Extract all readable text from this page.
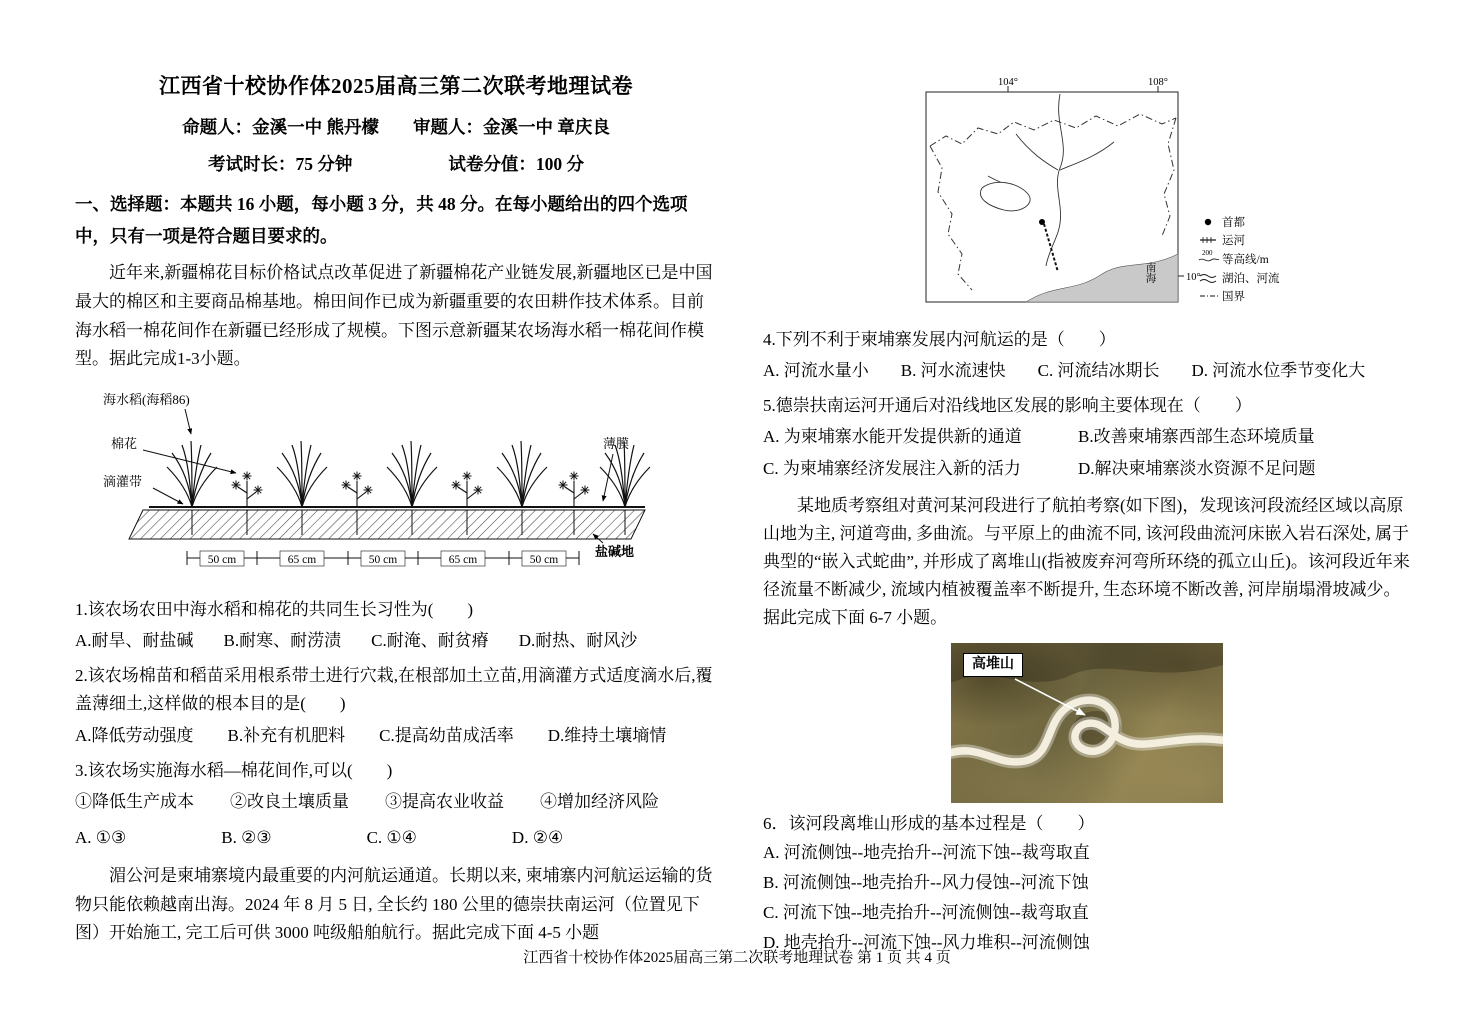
江西省十校协作体2025届高三第二次联考地理试卷
命题人：金溪一中 熊丹檬 审题人：金溪一中 章庆良
考试时长：75 分钟	试卷分值：100 分
一、选择题：本题共 16 小题，每小题 3 分，共 48 分。在每小题给出的四个选项中，只有一项是符合题目要求的。

近年来,新疆棉花目标价格试点改革促进了新疆棉花产业链发展,新疆地区已是中国最大的棉区和主要商品棉基地。棉田间作已成为新疆重要的农田耕作技术体系。目前海水稻一棉花间作在新疆已经形成了规模。下图示意新疆某农场海水稻一棉花间作模型。据此完成1-3小题。

50 cm	65 cm	50 cm	65 cm	50 cm
海水稻(海稻86)
棉花
滴灌带
薄膜
盐碱地
1.该农场农田中海水稻和棉花的共同生长习性为(　　)
A.耐旱、耐盐碱 B.耐寒、耐涝渍 C.耐淹、耐贫瘠 D.耐热、耐风沙
2.该农场棉苗和稻苗采用根系带土进行穴栽,在根部加土立苗,用滴灌方式适度滴水后,覆盖薄细土,这样做的根本目的是(　　)
A.降低劳动强度 B.补充有机肥料 C.提高幼苗成活率 D.维持土壤墒情
3.该农场实施海水稻—棉花间作,可以(　　)
①降低生产成本 ②改良土壤质量 ③提高农业收益 ④增加经济风险
A. ①③	B. ②③	C. ①④	D. ②④

湄公河是柬埔寨境内最重要的内河航运通道。长期以来, 柬埔寨内河航运运输的货物只能依赖越南出海。2024 年 8 月 5 日, 全长约 180 公里的德崇扶南运河（位置见下图）开始施工, 完工后可供 3000 吨级船舶航行。据此完成下面 4-5 小题

104°	108°
10°
南海
首都
运河
200
等高线/m
湖泊、河流
国界
4.下列不利于柬埔寨发展内河航运的是（　　）
A. 河流水量小 B. 河水流速快 C. 河流结冰期长 D. 河流水位季节变化大
5.德崇扶南运河开通后对沿线地区发展的影响主要体现在（　　）
A. 为柬埔寨水能开发提供新的通道	B.改善柬埔寨西部生态环境质量
C. 为柬埔寨经济发展注入新的活力	D.解决柬埔寨淡水资源不足问题

某地质考察组对黄河某河段进行了航拍考察(如下图)，发现该河段流经区域以高原山地为主, 河道弯曲, 多曲流。与平原上的曲流不同, 该河段曲流河床嵌入岩石深处, 属于典型的“嵌入式蛇曲”, 并形成了离堆山(指被废弃河弯所环绕的孤立山丘)。该河段近年来径流量不断减少, 流域内植被覆盖率不断提升, 生态环境不断改善, 河岸崩塌滑坡减少。据此完成下面 6-7 小题。

高堆山
6．该河段离堆山形成的基本过程是（　　）
A. 河流侧蚀--地壳抬升--河流下蚀--裁弯取直
B. 河流侧蚀--地壳抬升--风力侵蚀--河流下蚀
C. 河流下蚀--地壳抬升--河流侧蚀--裁弯取直
D. 地壳抬升--河流下蚀--风力堆积--河流侧蚀
江西省十校协作体2025届高三第二次联考地理试卷 第 1 页 共 4 页
